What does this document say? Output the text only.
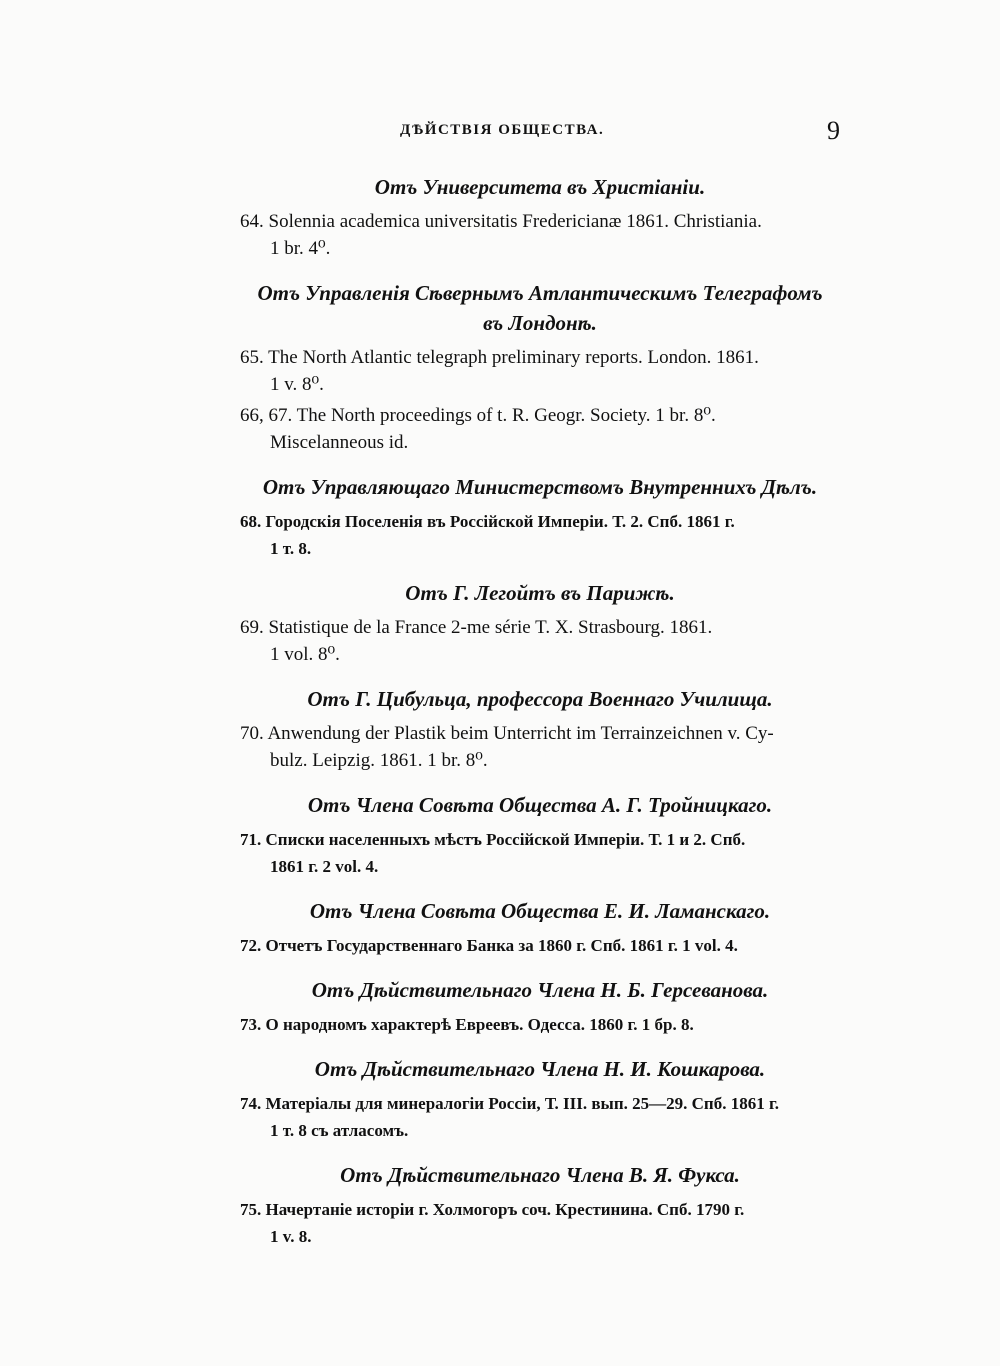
ДѢЙСТВІЯ ОБЩЕСТВА.	9
Отъ Университета въ Христіаніи.
64. Solennia academica universitatis Fredericianæ 1861. Christiania.
1 br. 4⁰.
Отъ Управленія Сѣвернымъ Атлантическимъ Телеграфомъ въ Лондонѣ.
65. The North Atlantic telegraph preliminary reports. London. 1861.
1 v. 8⁰.
66, 67. The North proceedings of t. R. Geogr. Society. 1 br. 8⁰.
Miscelanneous id.
Отъ Управляющаго Министерствомъ Внутреннихъ Дѣлъ.
68. Городскія Поселенія въ Россійской Имперіи. Т. 2. Спб. 1861 г.
1 т. 8.
Отъ Г. Легойтъ въ Парижѣ.
69. Statistique de la France 2-me série T. X. Strasbourg. 1861.
1 vol. 8⁰.
Отъ Г. Цибульца, профессора Военнаго Училища.
70. Anwendung der Plastik beim Unterricht im Terrainzeichnen v. Cy-
bulz. Leipzig. 1861. 1 br. 8⁰.
Отъ Члена Совѣта Общества А. Г. Тройницкаго.
71. Списки населенныхъ мѣстъ Россійской Имперіи. Т. 1 и 2. Спб.
1861 г. 2 vol. 4.
Отъ Члена Совѣта Общества Е. И. Ламанскаго.
72. Отчетъ Государственнаго Банка за 1860 г. Спб. 1861 г. 1 vol. 4.
Отъ Дѣйствительнаго Члена Н. Б. Герсеванова.
73. О народномъ характерѣ Евреевъ. Одесса. 1860 г. 1 бр. 8.
Отъ Дѣйствительнаго Члена Н. И. Кошкарова.
74. Матеріалы для минералогіи Россіи, Т. III. вып. 25—29. Спб. 1861 г.
1 т. 8 съ атласомъ.
Отъ Дѣйствительнаго Члена В. Я. Фукса.
75. Начертаніе исторіи г. Холмогоръ соч. Крестинина. Спб. 1790 г.
1 v. 8.
